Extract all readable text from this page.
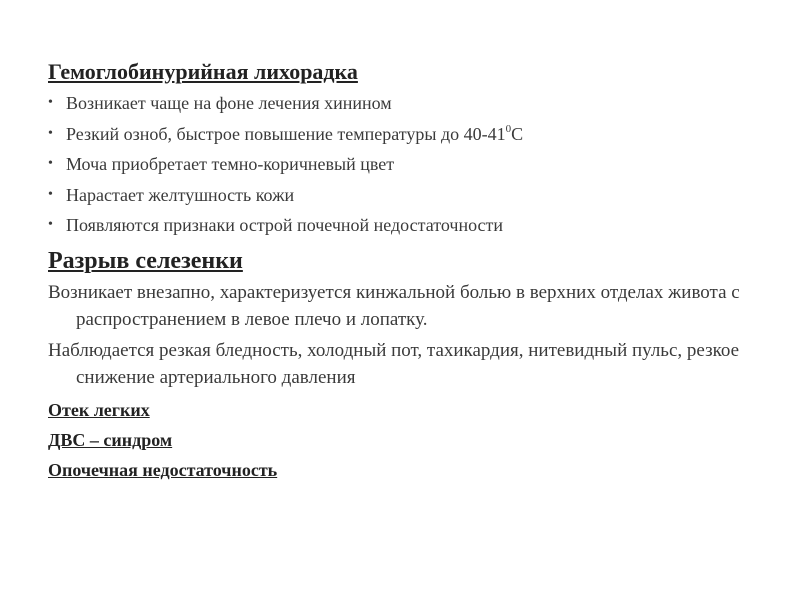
Гемоглобинурийная лихорадка
• Возникает чаще на фоне лечения хинином
• Резкий озноб, быстрое повышение температуры до $40-41^0С$
• Моча приобретает темно-коричневый цвет
• Нарастает желтушность кожи
• Появляются признаки острой почечной недостаточности
Разрыв селезенки

Возникает внезапно, характеризуется кинжальной болью в верхних отделах живота с распространением в левое плечо и лопатку.

Наблюдается резкая бледность, холодный пот, тахикардия, нитевидный пульс, резкое снижение артериального давления

Отек легких
ДВС – синдром
Опочечная недостаточность
